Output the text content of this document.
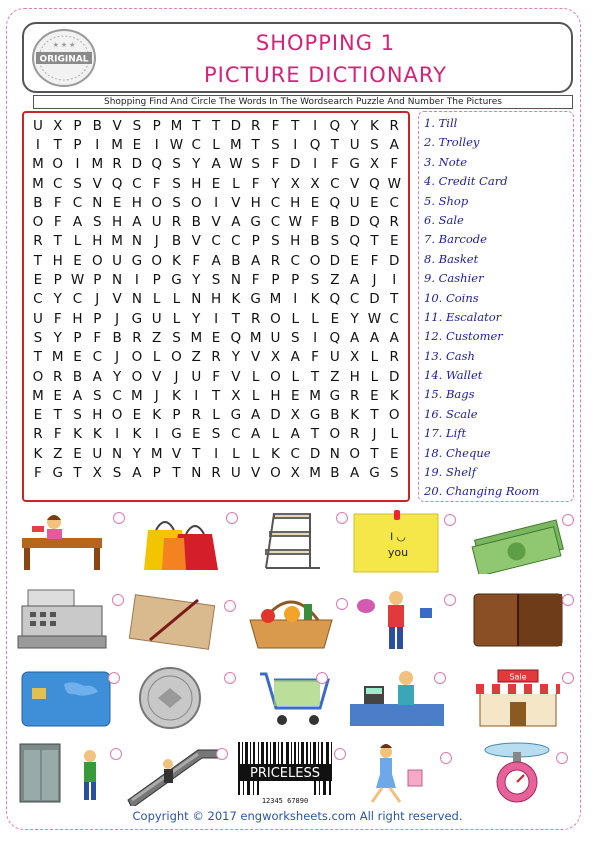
ORIGINAL
★ ★ ★	SHOPPING 1
PICTURE DICTIONARY
Shopping Find And Circle The Words In The Wordsearch Puzzle And Number The Pictures
U X P B V S P M T T D R F T	I Q Y K R
I	T P	I M E	I W C L M T S	I Q T U S A
M O I M R D Q S Y A W S F D I	F G X F
M C S V Q C F S H E L F Y X X C V Q W
B F C N E H O S O I V H C H E Q U E C
O F A S H A U R B V A G C W F B D Q R
R T L H M N J B V C C P S H B S Q T E
T H E O U G O K F A B A R C O D E F D
E P W P N I	P G Y S N F P P S Z A J	I
C Y C J V N L L N H K G M I K Q C D T
U F H P	J G U L Y	I	T R O L L E Y W C
S Y P F B R Z S M E Q M U S	I Q A A A
T M E C J O L O Z R Y V X A F U X L R
O R B A Y O V J U F V L O L T Z H L D
M E A S C M J K I	T X L H E M G R E K
E T S H O E K P R L G A D X G B K T O
R F K K I K I G E S C A L A T O R J	L
K Z E U N Y M V T	I	L L K C D N O T E
F G T X S A P T N R U V O X M B A G S
1. Till
2. Trolley
3. Note
4. Credit Card
5. Shop
6. Sale
7. Barcode
8. Basket
9. Cashier
10. Coins
11. Escalator
12. Customer
13. Cash
14. Wallet
15. Bags
16. Scale
17. Lift
18. Cheque
19. Shelf
20. Changing Room
you
I ◡
Sale
PRICELESS
12345 67890
Copyright © 2017 engworksheets.com All right reserved.
